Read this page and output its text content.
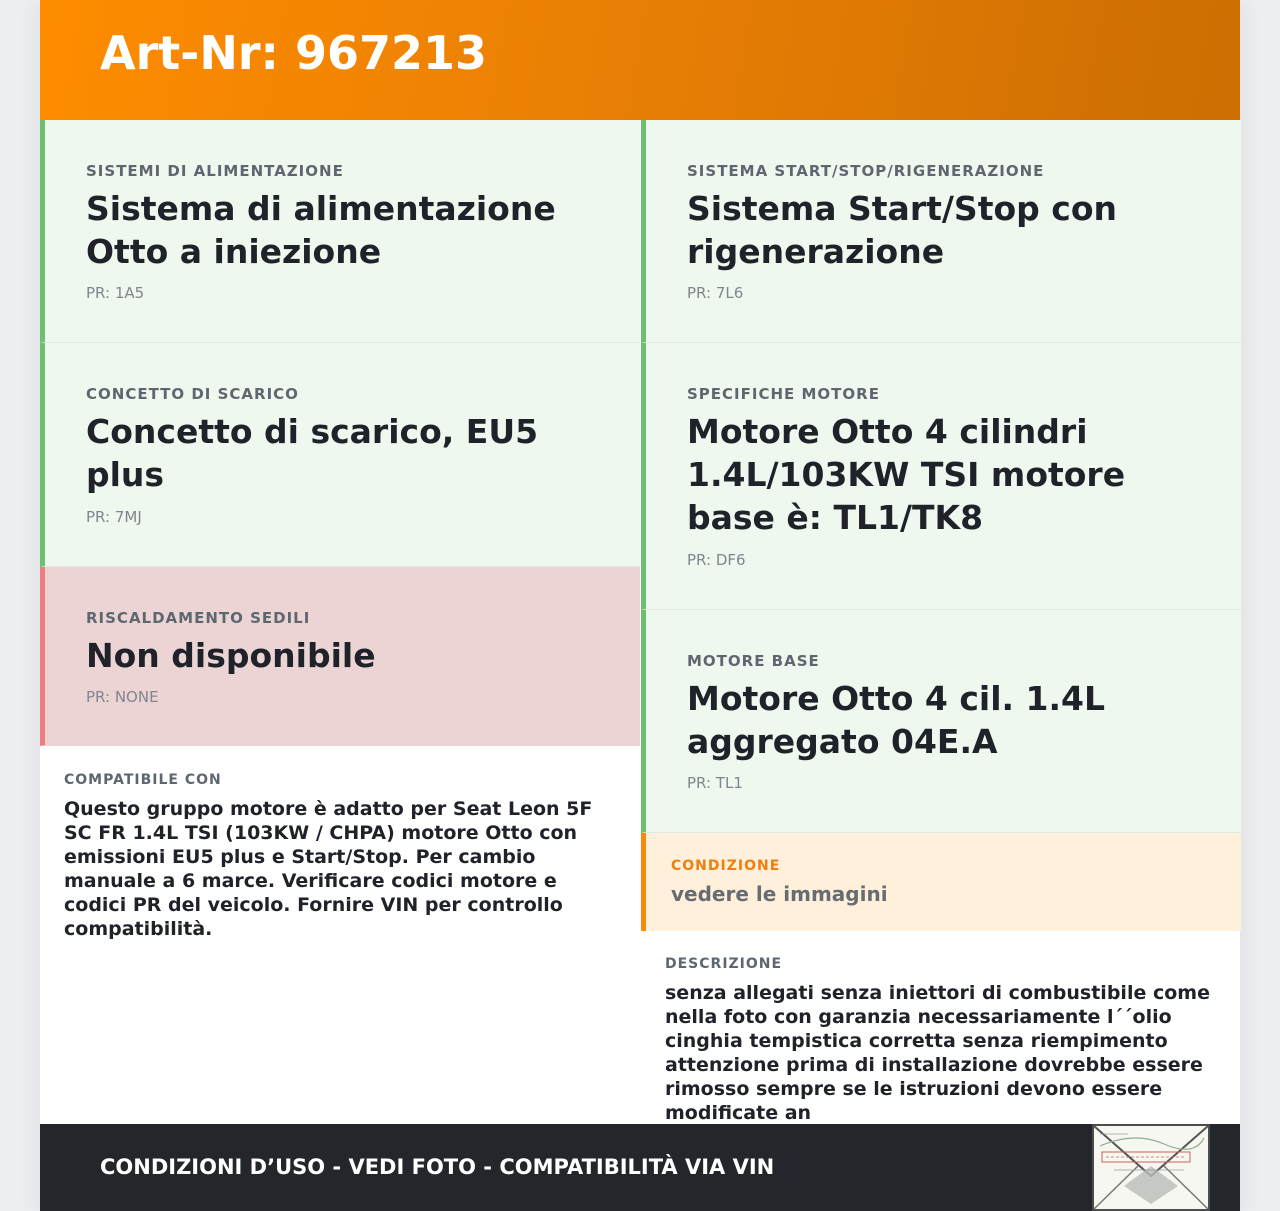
Art-Nr: 967213
SISTEMI DI ALIMENTAZIONE
Sistema di alimentazione Otto a iniezione
PR: 1A5
CONCETTO DI SCARICO
Concetto di scarico, EU5 plus
PR: 7MJ
RISCALDAMENTO SEDILI
Non disponibile
PR: NONE
COMPATIBILE CON
Questo gruppo motore è adatto per Seat Leon 5F SC FR 1.4L TSI (103KW / CHPA) motore Otto con emissioni EU5 plus e Start/Stop. Per cambio manuale a 6 marce. Verificare codici motore e codici PR del veicolo. Fornire VIN per controllo compatibilità.
SISTEMA START/STOP/RIGENERAZIONE
Sistema Start/Stop con rigenerazione
PR: 7L6
SPECIFICHE MOTORE
Motore Otto 4 cilindri 1.4L/103KW TSI motore base è: TL1/TK8
PR: DF6
MOTORE BASE
Motore Otto 4 cil. 1.4L aggregato 04E.A
PR: TL1
CONDIZIONE
vedere le immagini
DESCRIZIONE
senza allegati senza iniettori di combustibile come nella foto con garanzia necessariamente l´´olio cinghia tempistica corretta senza riempimento attenzione prima di installazione dovrebbe essere rimosso sempre se le istruzioni devono essere modificate an
CONDIZIONI D’USO - VEDI FOTO - COMPATIBILITÀ VIA VIN
